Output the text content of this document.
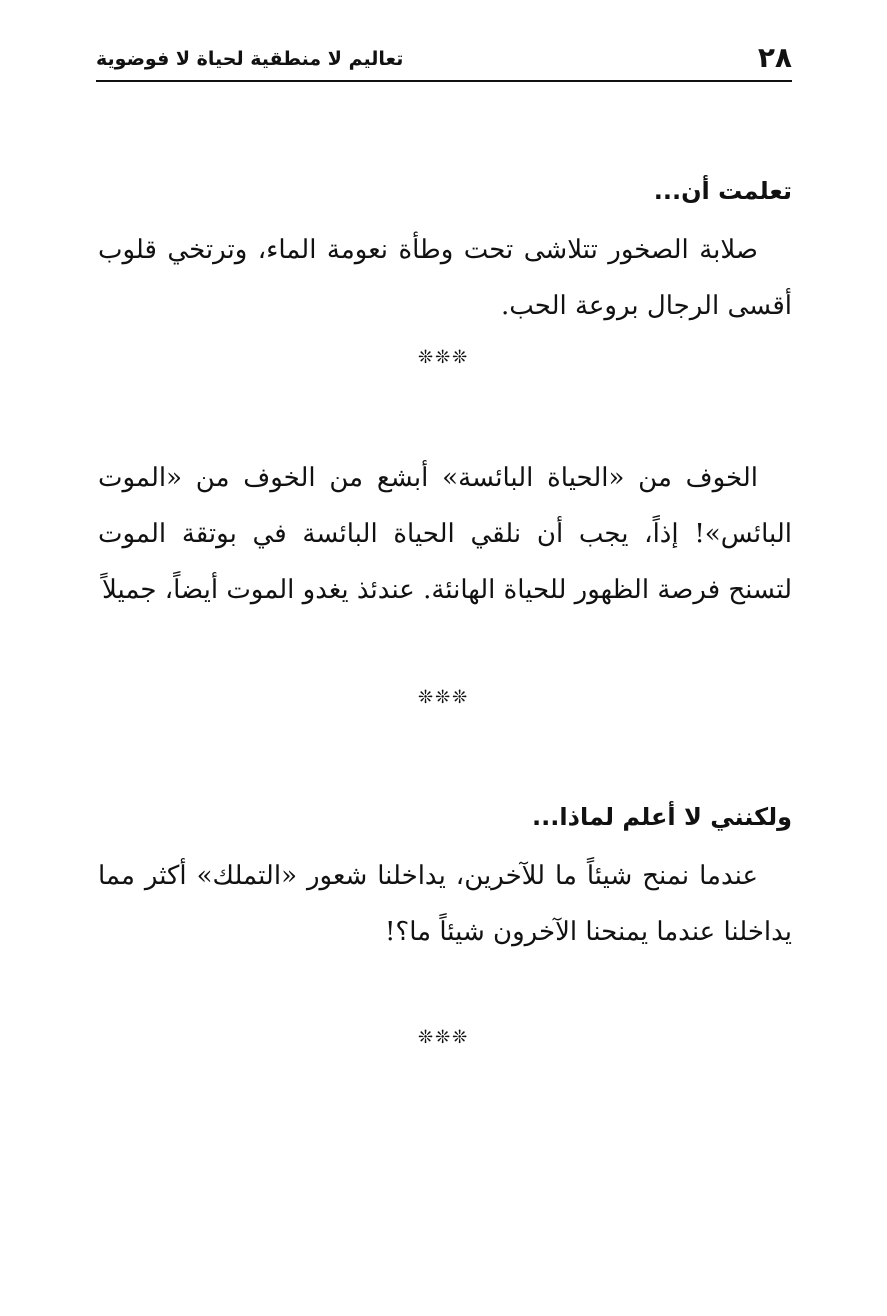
٢٨
تعاليم لا منطقية لحياة لا فوضوية
تعلمت أن...
صلابة الصخور تتلاشى تحت وطأة نعومة الماء، وترتخي قلوب أقسى الرجال بروعة الحب.
الخوف من «الحياة البائسة» أبشع من الخوف من «الموت البائس»! إذاً، يجب أن نلقي الحياة البائسة في بوتقة الموت لتسنح فرصة الظهور للحياة الهانئة. عندئذ يغدو الموت أيضاً، جميلاً
ولكنني لا أعلم لماذا...
عندما نمنح شيئاً ما للآخرين، يداخلنا شعور «التملك» أكثر مما يداخلنا عندما يمنحنا الآخرون شيئاً ما؟!
❊❊❊
❊❊❊
❊❊❊
